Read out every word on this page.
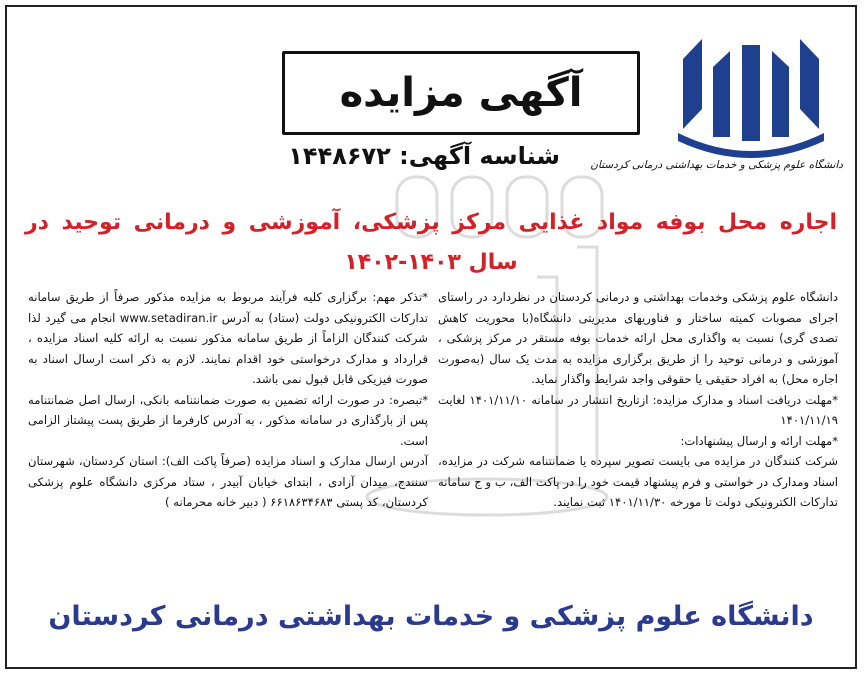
آگهی مزایده
شناسه آگهی: ۱۴۴۸۶۷۲	دانشگاه علوم پزشکی و خدمات بهداشتی درمانی کردستان
اجاره محل بوفه مواد غذایی مرکز پزشکی، آموزشی و درمانی توحید در سال ۱۴۰۳-۱۴۰۲

دانشگاه علوم پزشکی وخدمات بهداشتی و درمانی کردستان در نظردارد در راستای اجرای مصوبات کمیته ساختار و فناوریهای مدیریتی دانشگاه(با محوریت کاهش تصدی گری) نسبت به واگذاری محل ارائه خدمات بوفه مستقر در مرکز پزشکی ، آموزشی و درمانی توحید را از طریق برگزاری مزایده به مدت یک سال (به‌صورت اجاره محل) به افراد حقیقی یا حقوقی واجد شرایط واگذار نماید.

*مهلت دریافت اسناد و مدارک مزایده: ازتاریخ انتشار در سامانه ۱۴۰۱/۱۱/۱۰ لغایت ۱۴۰۱/۱۱/۱۹

*مهلت ارائه و ارسال پیشنهادات:

شرکت کنندگان در مزایده می بایست تصویر سپرده یا ضمانتنامه شرکت در مزایده، اسناد ومدارک در خواستی و فرم پیشنهاد قیمت خود را در پاکت الف، ب و ج سامانه تدارکات الکترونیکی دولت تا مورخه ۱۴۰۱/۱۱/۳۰ ثبت نمایند.

*تذکر مهم: برگزاری کلیه فرآیند مربوط به مزایده مذکور صرفاً از طریق سامانه تدارکات الکترونیکی دولت (ستاد) به آدرس www.setadiran.ir انجام می گیرد لذا شرکت کنندگان الزاماً از طریق سامانه مذکور نسبت به ارائه کلیه اسناد مزایده ، قرارداد و مدارک درخواستی خود اقدام نمایند. لازم به ذکر است ارسال اسناد به صورت فیزیکی قابل قبول نمی باشد.

*تبصره: در صورت ارائه تضمین به صورت ضمانتنامه بانکی، ارسال اصل ضمانتنامه پس از بارگذاری در سامانه مذکور ، به آدرس کارفرما از طریق پست پیشتاز الزامی است.

آدرس ارسال مدارک و اسناد مزایده (صرفاً پاکت الف): استان کردستان، شهرستان سنندج، میدان آزادی ، ابتدای خیابان آبیدر ، ستاد مرکزی دانشگاه علوم پزشکی کردستان، کد پستی ۶۶۱۸۶۳۴۶۸۳ ( دبیر خانه محرمانه )

دانشگاه علوم پزشکی و خدمات بهداشتی درمانی کردستان
